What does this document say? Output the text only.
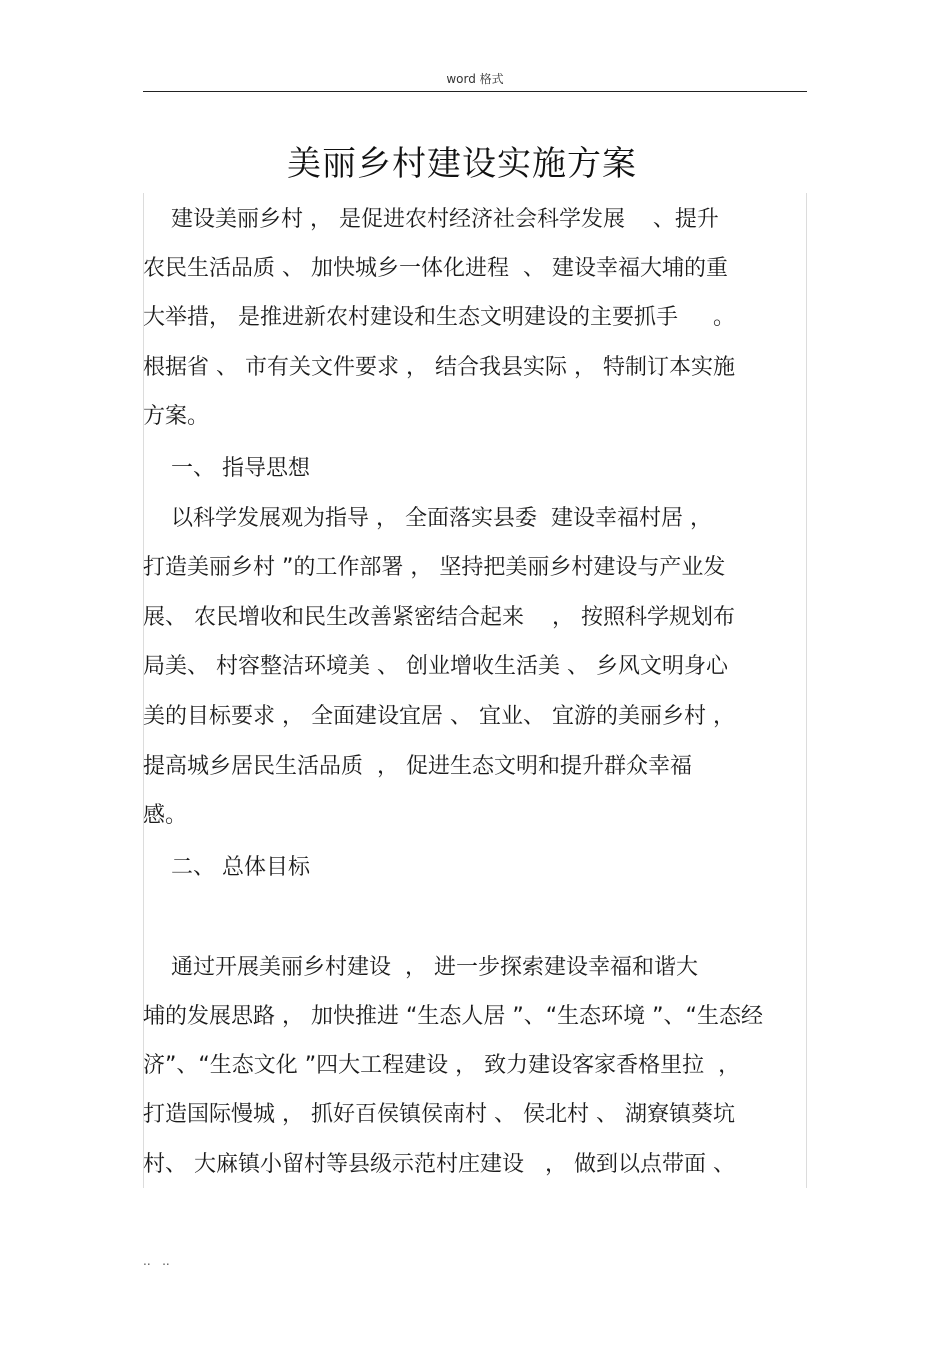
word 格式
美丽乡村建设实施方案
建设美丽乡村 ， 是促进农村经济社会科学发展    、提升
农民生活品质 、 加快城乡一体化进程  、 建设幸福大埔的重
大举措， 是推进新农村建设和生态文明建设的主要抓手     。
根据省 、 市有关文件要求 ， 结合我县实际 ， 特制订本实施
方案。
一、 指导思想
以科学发展观为指导 ， 全面落实县委  建设幸福村居 ，
打造美丽乡村 ”的工作部署 ， 坚持把美丽乡村建设与产业发
展、 农民增收和民生改善紧密结合起来    ， 按照科学规划布
局美、 村容整洁环境美 、 创业增收生活美 、 乡风文明身心
美的目标要求 ， 全面建设宜居 、 宜业、 宜游的美丽乡村 ，
提高城乡居民生活品质  ， 促进生态文明和提升群众幸福
感。
二、 总体目标
通过开展美丽乡村建设  ， 进一步探索建设幸福和谐大
埔的发展思路 ， 加快推进 “生态人居 ”、“生态环境 ”、“生态经
济”、“生态文化 ”四大工程建设 ， 致力建设客家香格里拉  ，
打造国际慢城 ， 抓好百侯镇侯南村 、 侯北村 、 湖寮镇葵坑
村、 大麻镇小留村等县级示范村庄建设   ， 做到以点带面 、
..   ..
